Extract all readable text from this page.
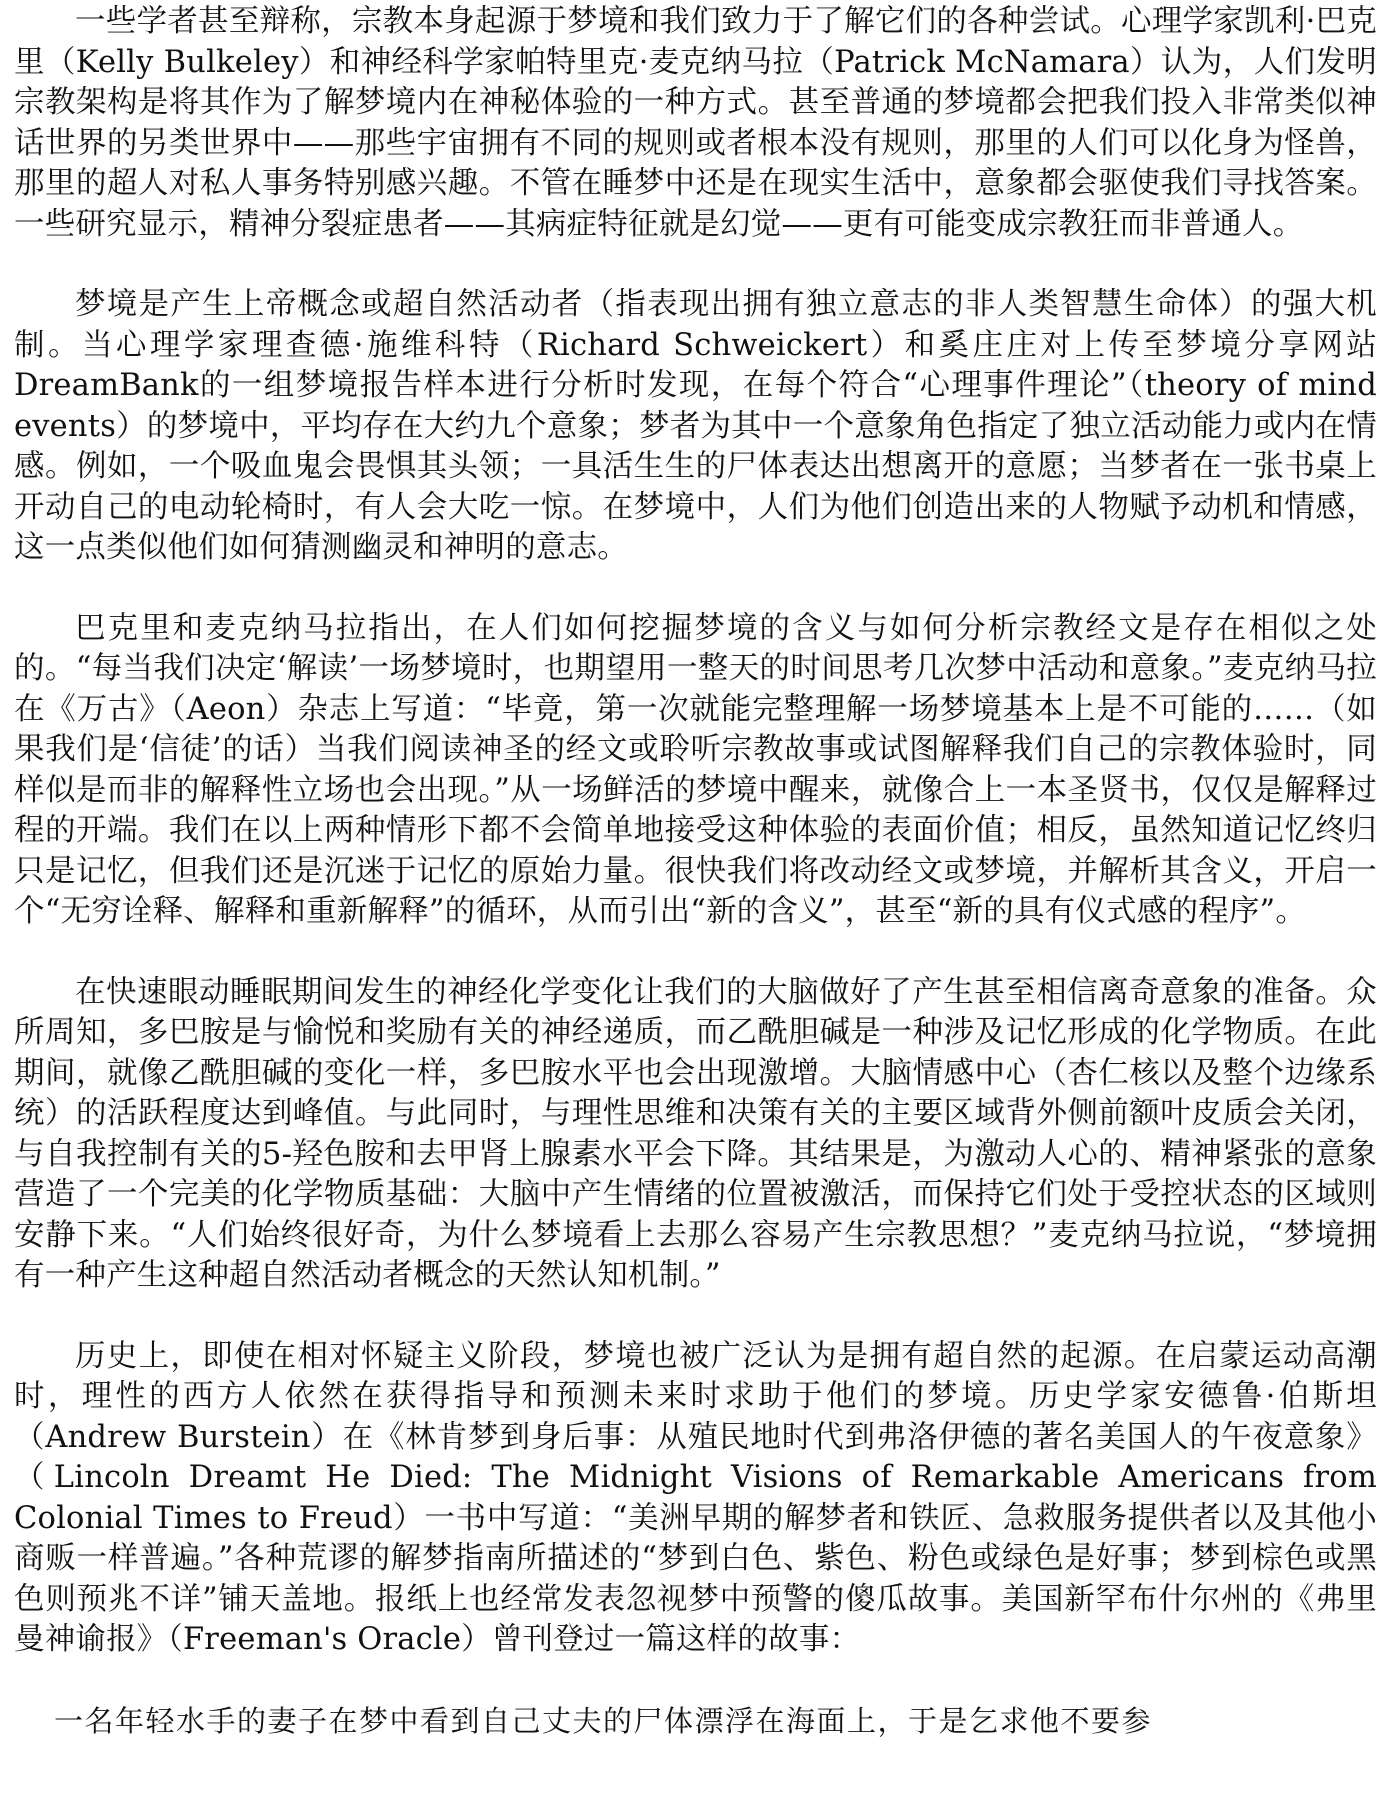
一些学者甚至辩称，宗教本身起源于梦境和我们致力于了解它们的各种尝试。心理学家凯利·巴克里（Kelly Bulkeley）和神经科学家帕特里克·麦克纳马拉（Patrick McNamara）认为，人们发明宗教架构是将其作为了解梦境内在神秘体验的一种方式。甚至普通的梦境都会把我们投入非常类似神话世界的另类世界中——那些宇宙拥有不同的规则或者根本没有规则，那里的人们可以化身为怪兽，那里的超人对私人事务特别感兴趣。不管在睡梦中还是在现实生活中，意象都会驱使我们寻找答案。一些研究显示，精神分裂症患者——其病症特征就是幻觉——更有可能变成宗教狂而非普通人。

梦境是产生上帝概念或超自然活动者（指表现出拥有独立意志的非人类智慧生命体）的强大机制。当心理学家理查德·施维科特（Richard Schweickert）和奚庄庄对上传至梦境分享网站DreamBank的一组梦境报告样本进行分析时发现，在每个符合“心理事件理论”（theory of mind events）的梦境中，平均存在大约九个意象；梦者为其中一个意象角色指定了独立活动能力或内在情感。例如，一个吸血鬼会畏惧其头领；一具活生生的尸体表达出想离开的意愿；当梦者在一张书桌上开动自己的电动轮椅时，有人会大吃一惊。在梦境中，人们为他们创造出来的人物赋予动机和情感，这一点类似他们如何猜测幽灵和神明的意志。

巴克里和麦克纳马拉指出，在人们如何挖掘梦境的含义与如何分析宗教经文是存在相似之处的。“每当我们决定‘解读’一场梦境时，也期望用一整天的时间思考几次梦中活动和意象。”麦克纳马拉在《万古》（Aeon）杂志上写道：“毕竟，第一次就能完整理解一场梦境基本上是不可能的……（如果我们是‘信徒’的话）当我们阅读神圣的经文或聆听宗教故事或试图解释我们自己的宗教体验时，同样似是而非的解释性立场也会出现。”从一场鲜活的梦境中醒来，就像合上一本圣贤书，仅仅是解释过程的开端。我们在以上两种情形下都不会简单地接受这种体验的表面价值；相反，虽然知道记忆终归只是记忆，但我们还是沉迷于记忆的原始力量。很快我们将改动经文或梦境，并解析其含义，开启一个“无穷诠释、解释和重新解释”的循环，从而引出“新的含义”，甚至“新的具有仪式感的程序”。

在快速眼动睡眠期间发生的神经化学变化让我们的大脑做好了产生甚至相信离奇意象的准备。众所周知，多巴胺是与愉悦和奖励有关的神经递质，而乙酰胆碱是一种涉及记忆形成的化学物质。在此期间，就像乙酰胆碱的变化一样，多巴胺水平也会出现激增。大脑情感中心（杏仁核以及整个边缘系统）的活跃程度达到峰值。与此同时，与理性思维和决策有关的主要区域背外侧前额叶皮质会关闭，与自我控制有关的5-羟色胺和去甲肾上腺素水平会下降。其结果是，为激动人心的、精神紧张的意象营造了一个完美的化学物质基础：大脑中产生情绪的位置被激活，而保持它们处于受控状态的区域则安静下来。“人们始终很好奇，为什么梦境看上去那么容易产生宗教思想？”麦克纳马拉说，“梦境拥有一种产生这种超自然活动者概念的天然认知机制。”

历史上，即使在相对怀疑主义阶段，梦境也被广泛认为是拥有超自然的起源。在启蒙运动高潮时，理性的西方人依然在获得指导和预测未来时求助于他们的梦境。历史学家安德鲁·伯斯坦（Andrew Burstein）在《林肯梦到身后事：从殖民地时代到弗洛伊德的著名美国人的午夜意象》（Lincoln Dreamt He Died: The Midnight Visions of Remarkable Americans from Colonial Times to Freud）一书中写道：“美洲早期的解梦者和铁匠、急救服务提供者以及其他小商贩一样普遍。”各种荒谬的解梦指南所描述的“梦到白色、紫色、粉色或绿色是好事；梦到棕色或黑色则预兆不详”铺天盖地。报纸上也经常发表忽视梦中预警的傻瓜故事。美国新罕布什尔州的《弗里曼神谕报》（Freeman's Oracle）曾刊登过一篇这样的故事：

一名年轻水手的妻子在梦中看到自己丈夫的尸体漂浮在海面上，于是乞求他不要参
